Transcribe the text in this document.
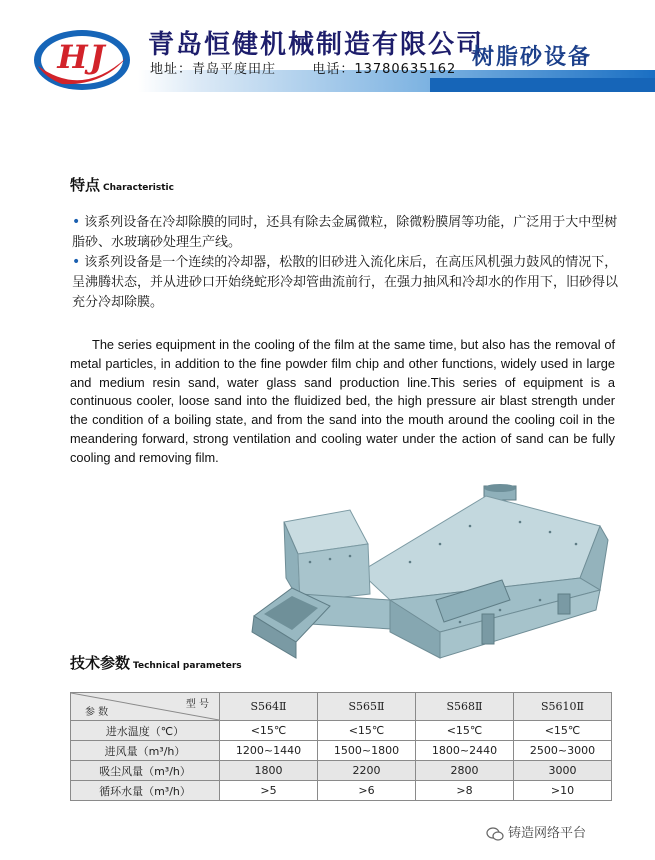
HJ	青岛恒健机械制造有限公司
地址：青岛平度田庄	电话：13780635162 树脂砂设备
特点 Characteristic
• 该系列设备在冷却除膜的同时，还具有除去金属微粒，除微粉膜屑等功能，广泛用于大中型树脂砂、水玻璃砂处理生产线。
• 该系列设备是一个连续的冷却器，松散的旧砂进入流化床后，在高压风机强力鼓风的情况下，呈沸腾状态，并从进砂口开始绕蛇形冷却管曲流前行，在强力抽风和冷却水的作用下，旧砂得以充分冷却除膜。
The series equipment in the cooling of the film at the same time, but also has the removal of metal particles, in addition to the fine powder film chip and other functions, widely used in large and medium resin sand, water glass sand production line.This series of equipment is a continuous cooler, loose sand into the fluidized bed, the high pressure air blast strength under the condition of a boiling state, and from the sand into the mouth around the cooling coil in the meandering forward, strong ventilation and cooling water under the action of sand can be fully cooling and removing film.
技术参数 Technical parameters
型 号
参 数	S564Ⅱ	S565Ⅱ	S568Ⅱ	S5610Ⅱ
进水温度（℃）	<15℃	<15℃	<15℃	<15℃
进风量（m³/h）	1200~1440	1500~1800	1800~2440	2500~3000
吸尘风量（m³/h）	1800	2200	2800	3000
循环水量（m³/h）	>5	>6	>8	>10
铸造网络平台
